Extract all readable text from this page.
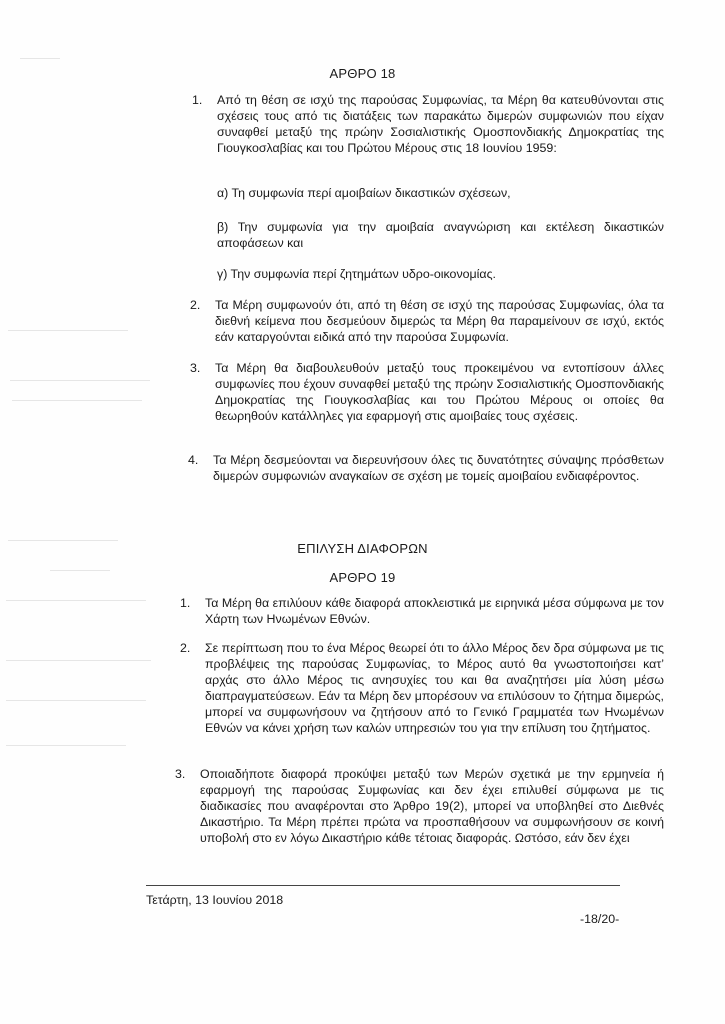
ΑΡΘΡΟ 18
1.	Από τη θέση σε ισχύ της παρούσας Συμφωνίας, τα Μέρη θα κατευθύνονται στις σχέσεις τους από τις διατάξεις των παρακάτω διμερών συμφωνιών που είχαν συναφθεί μεταξύ της πρώην Σοσιαλιστικής Ομοσπονδιακής Δημοκρατίας της Γιουγκοσλαβίας και του Πρώτου Μέρους στις 18 Ιουνίου 1959:
α) Τη συμφωνία περί αμοιβαίων δικαστικών σχέσεων,
β) Την συμφωνία για την αμοιβαία αναγνώριση και εκτέλεση δικαστικών αποφάσεων και
γ) Την συμφωνία περί ζητημάτων υδρο-οικονομίας.
2.	Τα Μέρη συμφωνούν ότι, από τη θέση σε ισχύ της παρούσας Συμφωνίας, όλα τα διεθνή κείμενα που δεσμεύουν διμερώς τα Μέρη θα παραμείνουν σε ισχύ, εκτός εάν καταργούνται ειδικά από την παρούσα Συμφωνία.
3.	Τα Μέρη θα διαβουλευθούν μεταξύ τους προκειμένου να εντοπίσουν άλλες συμφωνίες που έχουν συναφθεί μεταξύ της πρώην Σοσιαλιστικής Ομοσπονδιακής Δημοκρατίας της Γιουγκοσλαβίας και του Πρώτου Μέρους οι οποίες θα θεωρηθούν κατάλληλες για εφαρμογή στις αμοιβαίες τους σχέσεις.
4.	Τα Μέρη δεσμεύονται να διερευνήσουν όλες τις δυνατότητες σύναψης πρόσθετων διμερών συμφωνιών αναγκαίων σε σχέση με τομείς αμοιβαίου ενδιαφέροντος.
ΕΠΙΛΥΣΗ ΔΙΑΦΟΡΩΝ
ΑΡΘΡΟ 19
1.	Τα Μέρη θα επιλύουν κάθε διαφορά αποκλειστικά με ειρηνικά μέσα σύμφωνα με τον Χάρτη των Ηνωμένων Εθνών.
2.	Σε περίπτωση που το ένα Μέρος θεωρεί ότι το άλλο Μέρος δεν δρα σύμφωνα με τις προβλέψεις της παρούσας Συμφωνίας, το Μέρος αυτό θα γνωστοποιήσει κατ’ αρχάς στο άλλο Μέρος τις ανησυχίες του και θα αναζητήσει μία λύση μέσω διαπραγματεύσεων. Εάν τα Μέρη δεν μπορέσουν να επιλύσουν το ζήτημα διμερώς, μπορεί να συμφωνήσουν να ζητήσουν από το Γενικό Γραμματέα των Ηνωμένων Εθνών να κάνει χρήση των καλών υπηρεσιών του για την επίλυση του ζητήματος.
3.	Οποιαδήποτε διαφορά προκύψει μεταξύ των Μερών σχετικά με την ερμηνεία ή εφαρμογή της παρούσας Συμφωνίας και δεν έχει επιλυθεί σύμφωνα με τις διαδικασίες που αναφέρονται στο Άρθρο 19(2), μπορεί να υποβληθεί στο Διεθνές Δικαστήριο. Τα Μέρη πρέπει πρώτα να προσπαθήσουν να συμφωνήσουν σε κοινή υποβολή στο εν λόγω Δικαστήριο κάθε τέτοιας διαφοράς. Ωστόσο, εάν δεν έχει
Τετάρτη, 13 Ιουνίου 2018
-18/20-
